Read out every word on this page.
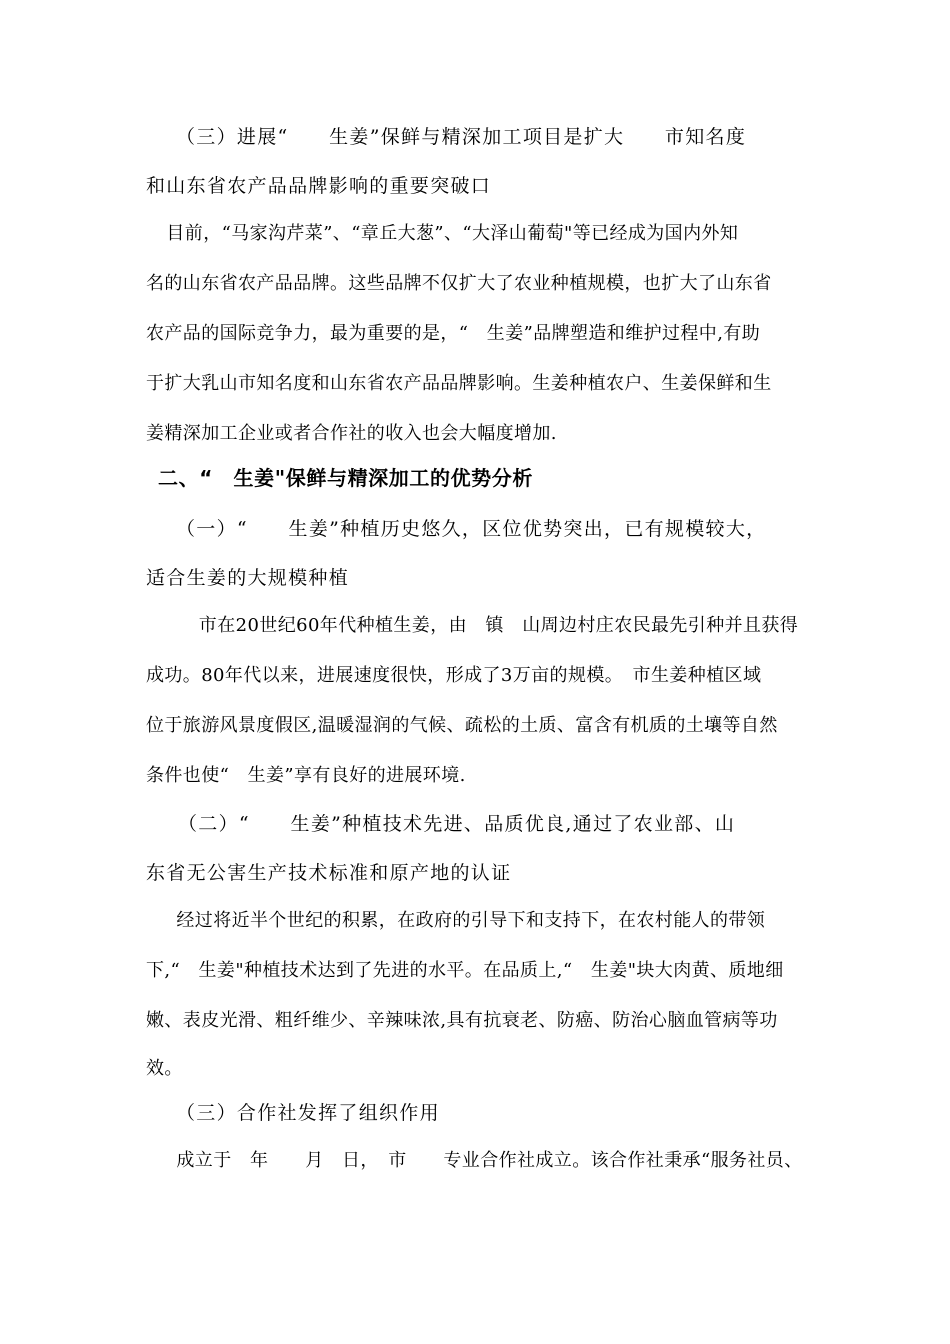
（三）进展“　　生姜”保鲜与精深加工项目是扩大　　市知名度
和山东省农产品品牌影响的重要突破口
　目前，“马家沟芹菜”、“章丘大葱”、“大泽山葡萄"等已经成为国内外知
名的山东省农产品品牌。这些品牌不仅扩大了农业种植规模，也扩大了山东省
农产品的国际竞争力，最为重要的是，“　生姜”品牌塑造和维护过程中,有助
于扩大乳山市知名度和山东省农产品品牌影响。生姜种植农户、生姜保鲜和生
姜精深加工企业或者合作社的收入也会大幅度增加.
二、“　生姜"保鲜与精深加工的优势分析
（一）“　　生姜”种植历史悠久，区位优势突出，已有规模较大，
适合生姜的大规模种植
　　市在20世纪60年代种植生姜，由　镇　山周边村庄农民最先引种并且获得
成功。80年代以来，进展速度很快，形成了3万亩的规模。　市生姜种植区域
位于旅游风景度假区,温暖湿润的气候、疏松的土质、富含有机质的土壤等自然
条件也使“　生姜”享有良好的进展环境.
（二）“　　生姜”种植技术先进、品质优良,通过了农业部、山
东省无公害生产技术标准和原产地的认证
　经过将近半个世纪的积累，在政府的引导下和支持下，在农村能人的带领
下,“　生姜"种植技术达到了先进的水平。在品质上,“　生姜"块大肉黄、质地细
嫩、表皮光滑、粗纤维少、辛辣味浓,具有抗衰老、防癌、防治心脑血管病等功
效。
（三）合作社发挥了组织作用
　成立于　年　　月　日，　市　　专业合作社成立。该合作社秉承“服务社员、
